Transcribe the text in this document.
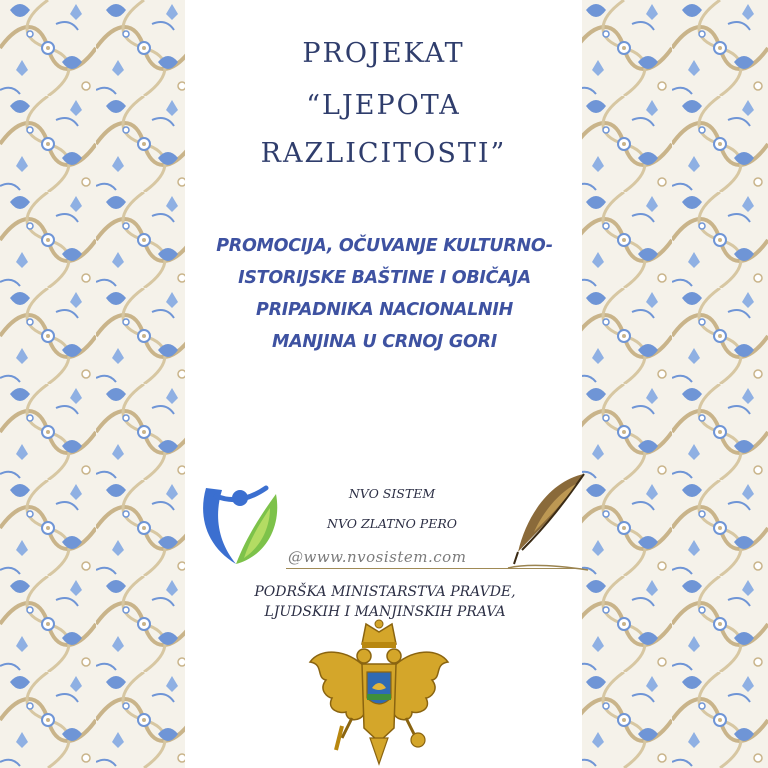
PROJEKAT
“LJEPOTA
RAZLICITOSTI”
PROMOCIJA, OČUVANJE KULTURNO-ISTORIJSKE BAŠTINE I OBIČAJA PRIPADNIKA NACIONALNIH MANJINA U CRNOJ GORI
NVO SISTEM
NVO ZLATNO PERO
@www.nvosistem.com
PODRŠKA MINISTARSTVA PRAVDE,
LJUDSKIH I MANJINSKIH PRAVA
